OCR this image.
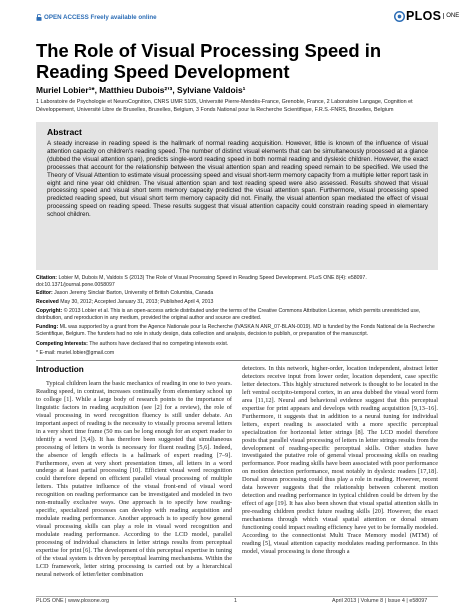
OPEN ACCESS Freely available online	PLOS ONE
The Role of Visual Processing Speed in Reading Speed Development
Muriel Lobier¹*, Matthieu Dubois²ʼ³, Sylviane Valdois¹
1 Laboratoire de Psychologie et NeuroCognition, CNRS UMR 5105, Université Pierre-Mendès-France, Grenoble, France, 2 Laboratoire Langage, Cognition et Développement, Université Libre de Bruxelles, Bruxelles, Belgium, 3 Fonds National pour la Recherche Scientifique, F.R.S.-FNRS, Bruxelles, Belgium
Abstract
A steady increase in reading speed is the hallmark of normal reading acquisition. However, little is known of the influence of visual attention capacity on children's reading speed. The number of distinct visual elements that can be simultaneously processed at a glance (dubbed the visual attention span), predicts single-word reading speed in both normal reading and dyslexic children. However, the exact processes that account for the relationship between the visual attention span and reading speed remain to be specified. We used the Theory of Visual Attention to estimate visual processing speed and visual short-term memory capacity from a multiple letter report task in eight and nine year old children. The visual attention span and text reading speed were also assessed. Results showed that visual processing speed and visual short term memory capacity predicted the visual attention span. Furthermore, visual processing speed predicted reading speed, but visual short term memory capacity did not. Finally, the visual attention span mediated the effect of visual processing speed on reading speed. These results suggest that visual attention capacity could constrain reading speed in elementary school children.
Citation: Lobier M, Dubois M, Valdois S (2013) The Role of Visual Processing Speed in Reading Speed Development. PLoS ONE 8(4): e58097. doi:10.1371/journal.pone.0058097
Editor: Jason Jeremy Sinclair Barton, University of British Columbia, Canada
Received May 30, 2012; Accepted January 31, 2013; Published April 4, 2013
Copyright: © 2013 Lobier et al. This is an open-access article distributed under the terms of the Creative Commons Attribution License, which permits unrestricted use, distribution, and reproduction in any medium, provided the original author and source are credited.
Funding: ML was supported by a grant from the Agence Nationale pour la Recherche (IVASKA N ANR_07-BLAN-0019). MD is funded by the Fonds National de la Recherche Scientifique, Belgium. The funders had no role in study design, data collection and analysis, decision to publish, or preparation of the manuscript.
Competing Interests: The authors have declared that no competing interests exist.
* E-mail: muriel.lobier@gmail.com
Introduction

Typical children learn the basic mechanics of reading in one to two years. Reading speed, in contrast, increases continually from elementary school up to college [1]. While a large body of research points to the importance of linguistic factors in reading acquisition (see [2] for a review), the role of visual processing in word recognition fluency is still under debate. An important aspect of reading is the necessity to visually process several letters in a very short time frame (50 ms can be long enough for an expert reader to identify a word [3,4]). It has therefore been suggested that simultaneous processing of letters in words is necessary for fluent reading [5,6]. Indeed, the absence of length effects is a hallmark of expert reading [7–9]. Furthermore, even at very short presentation times, all letters in a word undergo at least partial processing [10]. Efficient visual word recognition could therefore depend on efficient parallel visual processing of multiple letters. This putative influence of the visual front-end of visual word recognition on reading performance can be investigated and modeled in two non-mutually exclusive ways. One approach is to specify how reading-specific, specialized processes can develop with reading acquisition and modulate reading performance. Another approach is to specify how general visual processing skills can play a role in visual word recognition and modulate reading performance. According to the LCD model, parallel processing of individual characters in letter strings results from perceptual expertise for print [6]. The development of this perceptual expertise in tuning of the visual system is driven by perceptual learning mechanisms. Within the LCD framework, letter string processing is carried out by a hierarchical neural network of letter/letter combination

detectors. In this network, higher-order, location independent, abstract letter detectors receive input from lower order, location dependent, case specific letter detectors. This highly structured network is thought to be located in the left ventral occipito-temporal cortex, in an area dubbed the visual word form area [11,12]. Neural and behavioral evidence suggest that this perceptual expertise for print appears and develops with reading acquisition [9,13–16]. Furthermore, it suggests that in addition to a neural tuning for individual letters, expert reading is associated with a more specific perceptual specialization for horizontal letter strings [8]. The LCD model therefore posits that parallel visual processing of letters in letter strings results from the development of reading-specific perceptual skills. Other studies have investigated the putative role of general visual processing skills on reading performance. Poor reading skills have been associated with poor performance on motion detection performance, most notably in dyslexic readers [17,18]. Dorsal stream processing could thus play a role in reading. However, recent data however suggests that the relationship between coherent motion detection and reading performance in typical children could be driven by the effect of age [19]. It has also been shown that visual spatial attention skills in pre-reading children predict future reading skills [20]. However, the exact mechanisms through which visual spatial attention or dorsal stream functioning could impact reading efficiency have yet to be formally modeled. According to the connectionist Multi Trace Memory model (MTM) of reading [5], visual attention capacity modulates reading performance. In this model, visual processing is done through a

PLOS ONE | www.plosone.org	1	April 2013 | Volume 8 | Issue 4 | e58097
